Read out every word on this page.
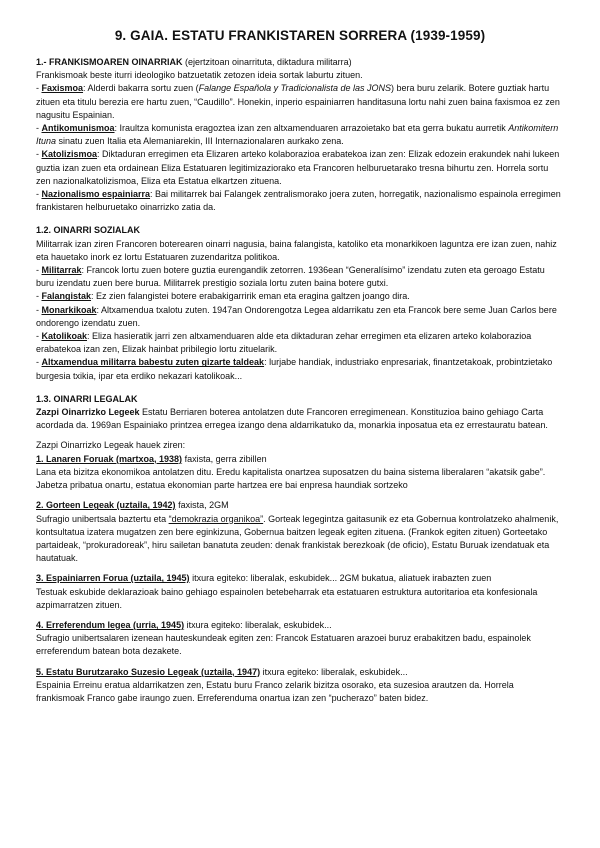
9. GAIA. ESTATU FRANKISTAREN SORRERA (1939-1959)
1.- FRANKISMOAREN OINARRIAK (ejertzitoan oinarrituta, diktadura militarra)

Frankismoak beste iturri ideologiko batzuetatik zetozen ideia sortak laburtu zituen.

- Faxismoa: Alderdi bakarra sortu zuen (Falange Española y Tradicionalista de las JONS) bera buru zelarik. Botere guztiak hartu zituen eta titulu berezia ere hartu zuen, “Caudillo”. Honekin, inperio espainiarren handitasuna lortu nahi zuen baina faxismoa ez zen nagusitu Espainian.

- Antikomunismoa: Iraultza komunista eragoztea izan zen altxamenduaren arrazoietako bat eta gerra bukatu aurretik Antikomitern Ituna sinatu zuen Italia eta Alemaniarekin, III Internazionalaren aurkako zena.

- Katolizismoa: Diktaduran erregimen eta Elizaren arteko kolaborazioa erabatekoa izan zen: Elizak edozein erakundek nahi lukeen guztia izan zuen eta ordainean Eliza Estatuaren legitimizaziorako eta Francoren helburuetarako tresna bihurtu zen. Horrela sortu zen nazionalkatolizismoa, Eliza eta Estatua elkartzen zituena.

- Nazionalismo espainiarra: Bai militarrek bai Falangek zentralismorako joera zuten, horregatik, nazionalismo espainola erregimen frankistaren helburuetako oinarrizko zatia da.

1.2. OINARRI SOZIALAK

Militarrak izan ziren Francoren boterearen oinarri nagusia, baina falangista, katoliko eta monarkikoen laguntza ere izan zuen, nahiz eta hauetako inork ez lortu Estatuaren zuzendaritza politikoa.

- Militarrak: Francok lortu zuen botere guztia eurengandik zetorren. 1936ean “Generalísimo” izendatu zuten eta geroago Estatu buru izendatu zuen bere burua. Militarrek prestigio soziala lortu zuten baina botere gutxi.

- Falangistak: Ez zien falangistei botere erabakigarririk eman eta eragina galtzen joango dira.

- Monarkikoak: Altxamendua txalotu zuten. 1947an Ondorengotza Legea aldarrikatu zen eta Francok bere seme Juan Carlos bere ondorengo izendatu zuen.

- Katolikoak: Eliza hasieratik jarri zen altxamenduaren alde eta diktaduran zehar erregimen eta elizaren arteko kolaborazioa erabatekoa izan zen, Elizak hainbat pribilegio lortu zituelarik.

- Altxamendua militarra babestu zuten gizarte taldeak: lurjabe handiak, industriako enpresariak, finantzetakoak, probintzietako burgesia txikia, ipar eta erdiko nekazari katolikoak...

1.3. OINARRI LEGALAK

Zazpi Oinarrizko Legeek Estatu Berriaren boterea antolatzen dute Francoren erregimenean. Konstituzioa baino gehiago Carta acordada da. 1969an Espainiako printzea erregea izango dena aldarrikatuko da, monarkia inposatua eta ez errestauratu batean.

Zazpi Oinarrizko Legeak hauek ziren:

1. Lanaren Foruak (martxoa, 1938) faxista, gerra zibillen

Lana eta bizitza ekonomikoa antolatzen ditu. Eredu kapitalista onartzea suposatzen du baina sistema liberalaren “akatsik gabe”. Jabetza pribatua onartu, estatua ekonomian parte hartzea ere bai enpresa haundiak sortzeko

2. Gorteen Legeak (uztaila, 1942) faxista, 2GM

Sufragio unibertsala baztertu eta “demokrazia organikoa”. Gorteak legegintza gaitasunik ez eta Gobernua kontrolatzeko ahalmenik, kontsultatua izatera mugatzen zen bere eginkizuna, Gobernua baitzen legeak egiten zituena. (Frankok egiten zituen) Gorteetako partaideak, “prokuradoreak”, hiru sailetan banatuta zeuden: denak frankistak berezkoak (de oficio), Estatu Buruak izendatuak eta hautatuak.

3. Espainiarren Forua (uztaila, 1945) itxura egiteko: liberalak, eskubidek... 2GM bukatua, aliatuek irabazten zuen

Testuak eskubide deklarazioak baino gehiago espainolen betebeharrak eta estatuaren estruktura autoritarioa eta konfesionala azpimarratzen zituen.

4. Erreferendum legea (urria, 1945) itxura egiteko: liberalak, eskubidek...

Sufragio unibertsalaren izenean hauteskundeak egiten zen: Francok Estatuaren arazoei buruz erabakitzen badu, espainolek erreferendum batean bota dezakete.

5. Estatu Burutzarako Suzesio Legeak (uztaila, 1947) itxura egiteko: liberalak, eskubidek...

Espainia Erreinu eratua aldarrikatzen zen, Estatu buru Franco zelarik bizitza osorako, eta suzesioa arautzen da. Horrela frankismoak Franco gabe iraungo zuen. Erreferenduma onartua izan zen “pucherazo” baten bidez.
